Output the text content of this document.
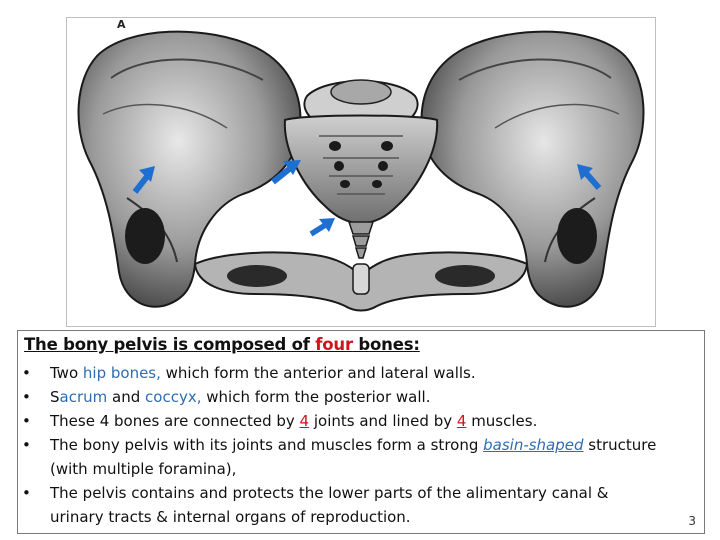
A
The bony pelvis is composed of four bones:
• Two hip bones, which form the anterior and lateral walls.
• Sacrum and coccyx, which form the posterior wall.
• These 4 bones are connected by 4 joints and lined by 4 muscles.
• The bony pelvis with its joints and muscles form a strong basin-shaped structure
(with multiple foramina),
• The pelvis contains and protects the lower parts of the alimentary canal &
urinary tracts & internal organs of reproduction.	3
